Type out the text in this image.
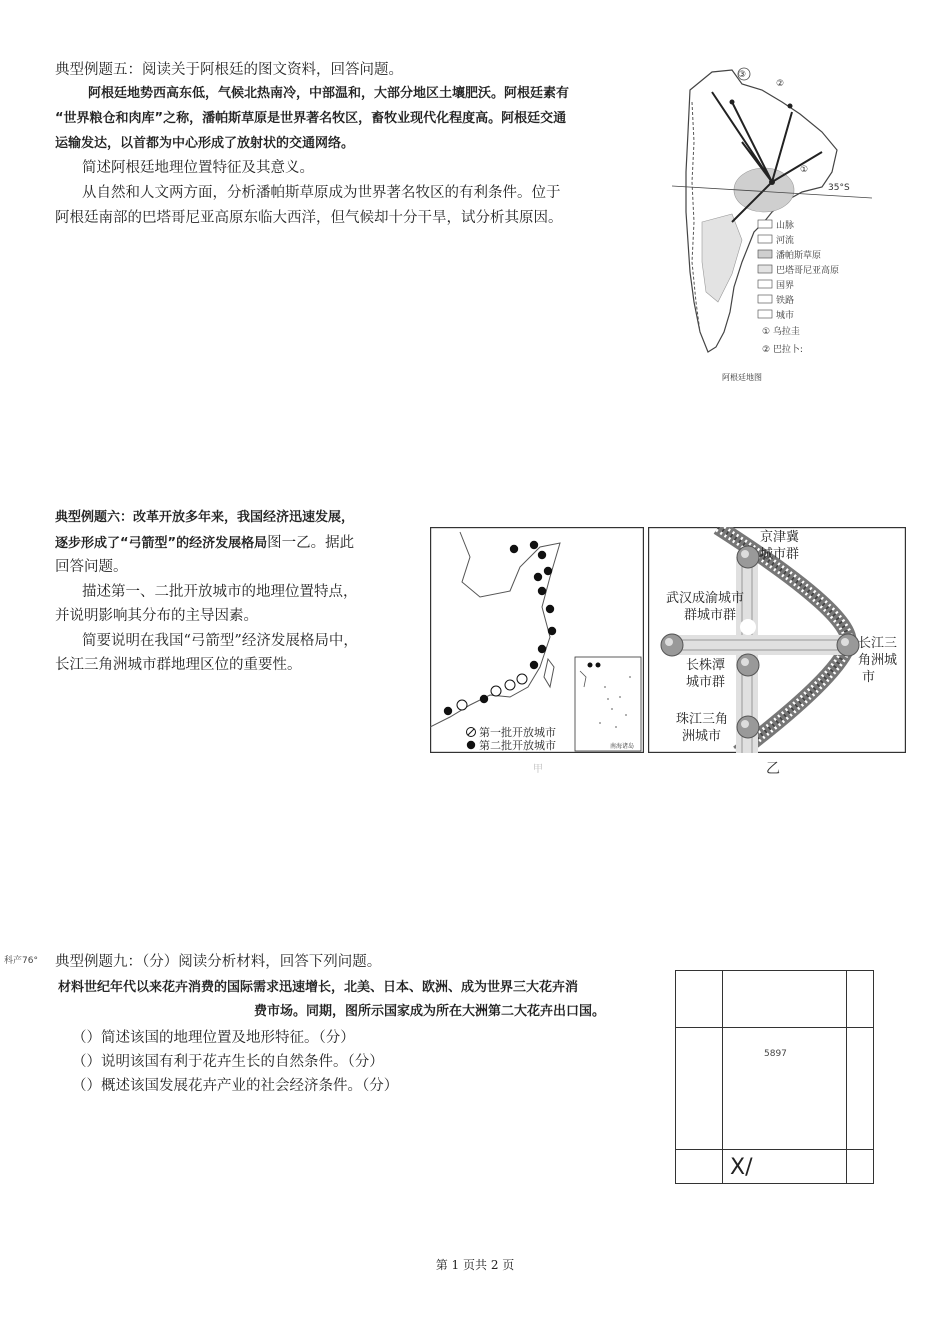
典型例题五：阅读关于阿根廷的图文资料，回答问题。
阿根廷地势西高东低，气候北热南冷，中部温和，大部分地区土壤肥沃。阿根廷素有
“世界粮仓和肉库”之称，潘帕斯草原是世界著名牧区，畜牧业现代化程度高。阿根廷交通
运输发达，以首都为中心形成了放射状的交通网络。
简述阿根廷地理位置特征及其意义。
从自然和人文两方面，分析潘帕斯草原成为世界著名牧区的有利条件。位于
阿根廷南部的巴塔哥尼亚高原东临大西洋，但气候却十分干旱，试分析其原因。
35°S
③
②
①
山脉
河流
潘帕斯草原
巴塔哥尼亚高原
国界
铁路
城市
① 乌拉圭
② 巴拉卜:
阿根廷地图
典型例题六：改革开放多年来，我国经济迅速发展，
逐步形成了“弓箭型”的经济发展格局图一乙。据此
回答问题。
描述第一、二批开放城市的地理位置特点，
并说明影响其分布的主导因素。
简要说明在我国“弓箭型”经济发展格局中，
长江三角洲城市群地理区位的重要性。
第一批开放城市
第二批开放城市	南海诸岛
甲
京津冀
城市群
武汉成渝城市
群城市群
长株潭
城市群
长江三
角洲城
市
珠江三角
洲城市
乙
科产76° 典型例题九：（分）阅读分析材料，回答下列问题。
材料世纪年代以来花卉消费的国际需求迅速增长，北美、日本、欧洲、成为世界三大花卉消
费市场。同期，图所示国家成为所在大洲第二大花卉出口国。
（）简述该国的地理位置及地形特征。（分）
（）说明该国有利于花卉生长的自然条件。（分）
（）概述该国发展花卉产业的社会经济条件。（分）
5897
X/
第 1 页共 2 页
